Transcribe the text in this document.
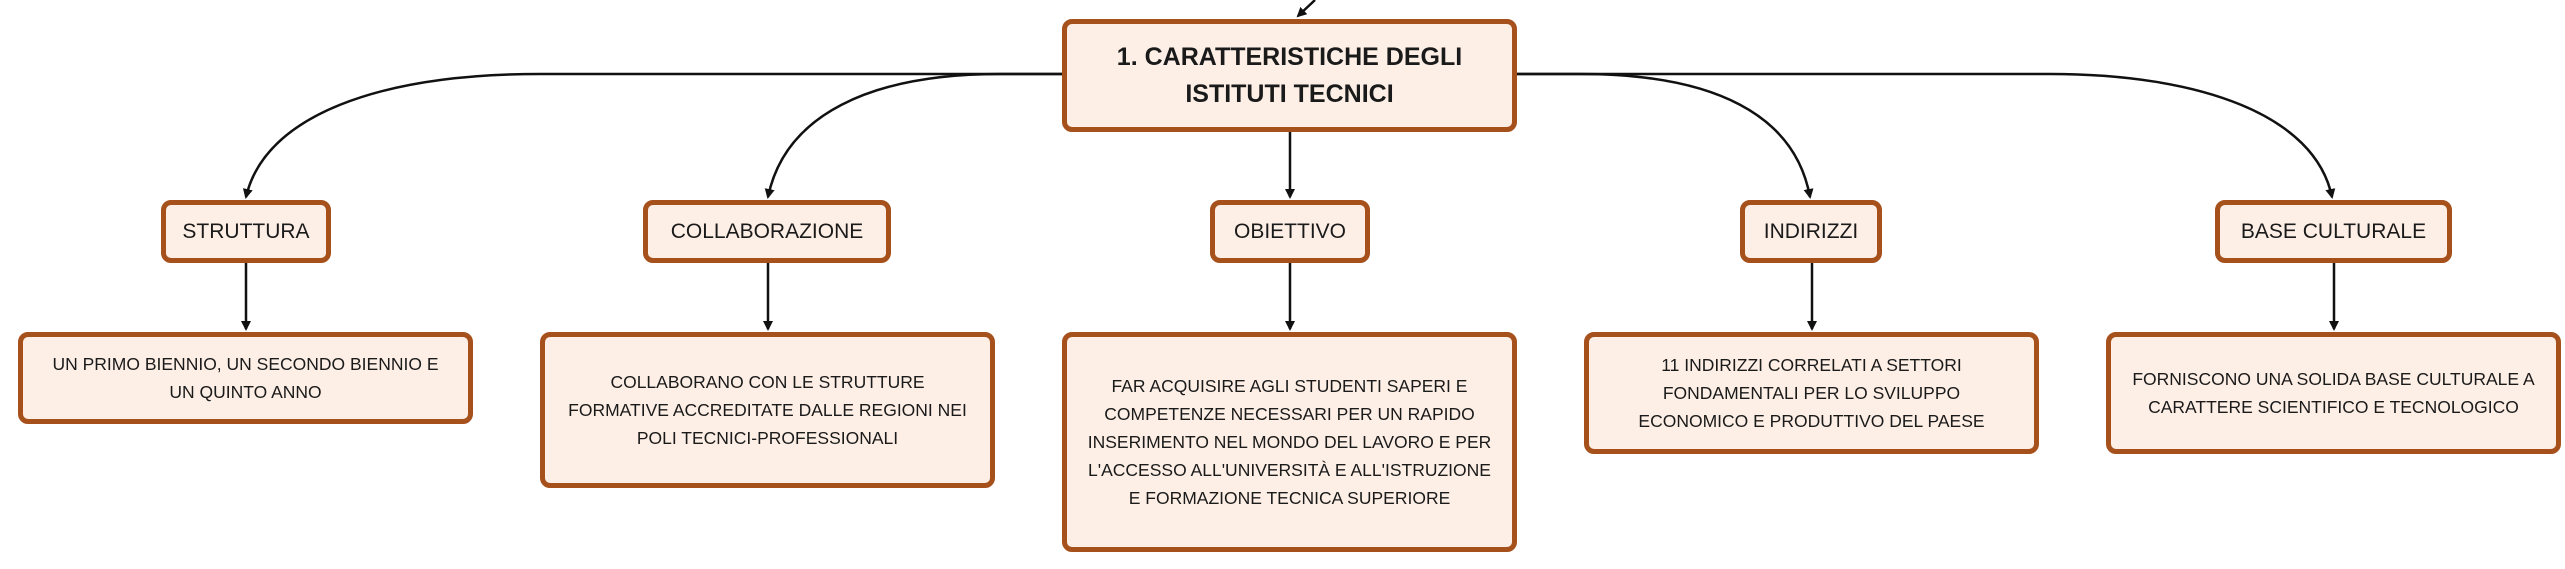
1. CARATTERISTICHE DEGLI
ISTITUTI TECNICI
STRUTTURA	COLLABORAZIONE	OBIETTIVO	INDIRIZZI	BASE CULTURALE
UN PRIMO BIENNIO, UN SECONDO BIENNIO E
UN QUINTO ANNO	COLLABORANO CON LE STRUTTURE
FORMATIVE ACCREDITATE DALLE REGIONI NEI
POLI TECNICI-PROFESSIONALI
FAR ACQUISIRE AGLI STUDENTI SAPERI E
COMPETENZE NECESSARI PER UN RAPIDO
INSERIMENTO NEL MONDO DEL LAVORO E PER
L'ACCESSO ALL'UNIVERSITÀ E ALL'ISTRUZIONE
E FORMAZIONE TECNICA SUPERIORE
11 INDIRIZZI CORRELATI A SETTORI
FONDAMENTALI PER LO SVILUPPO
ECONOMICO E PRODUTTIVO DEL PAESE
FORNISCONO UNA SOLIDA BASE CULTURALE A
CARATTERE SCIENTIFICO E TECNOLOGICO
